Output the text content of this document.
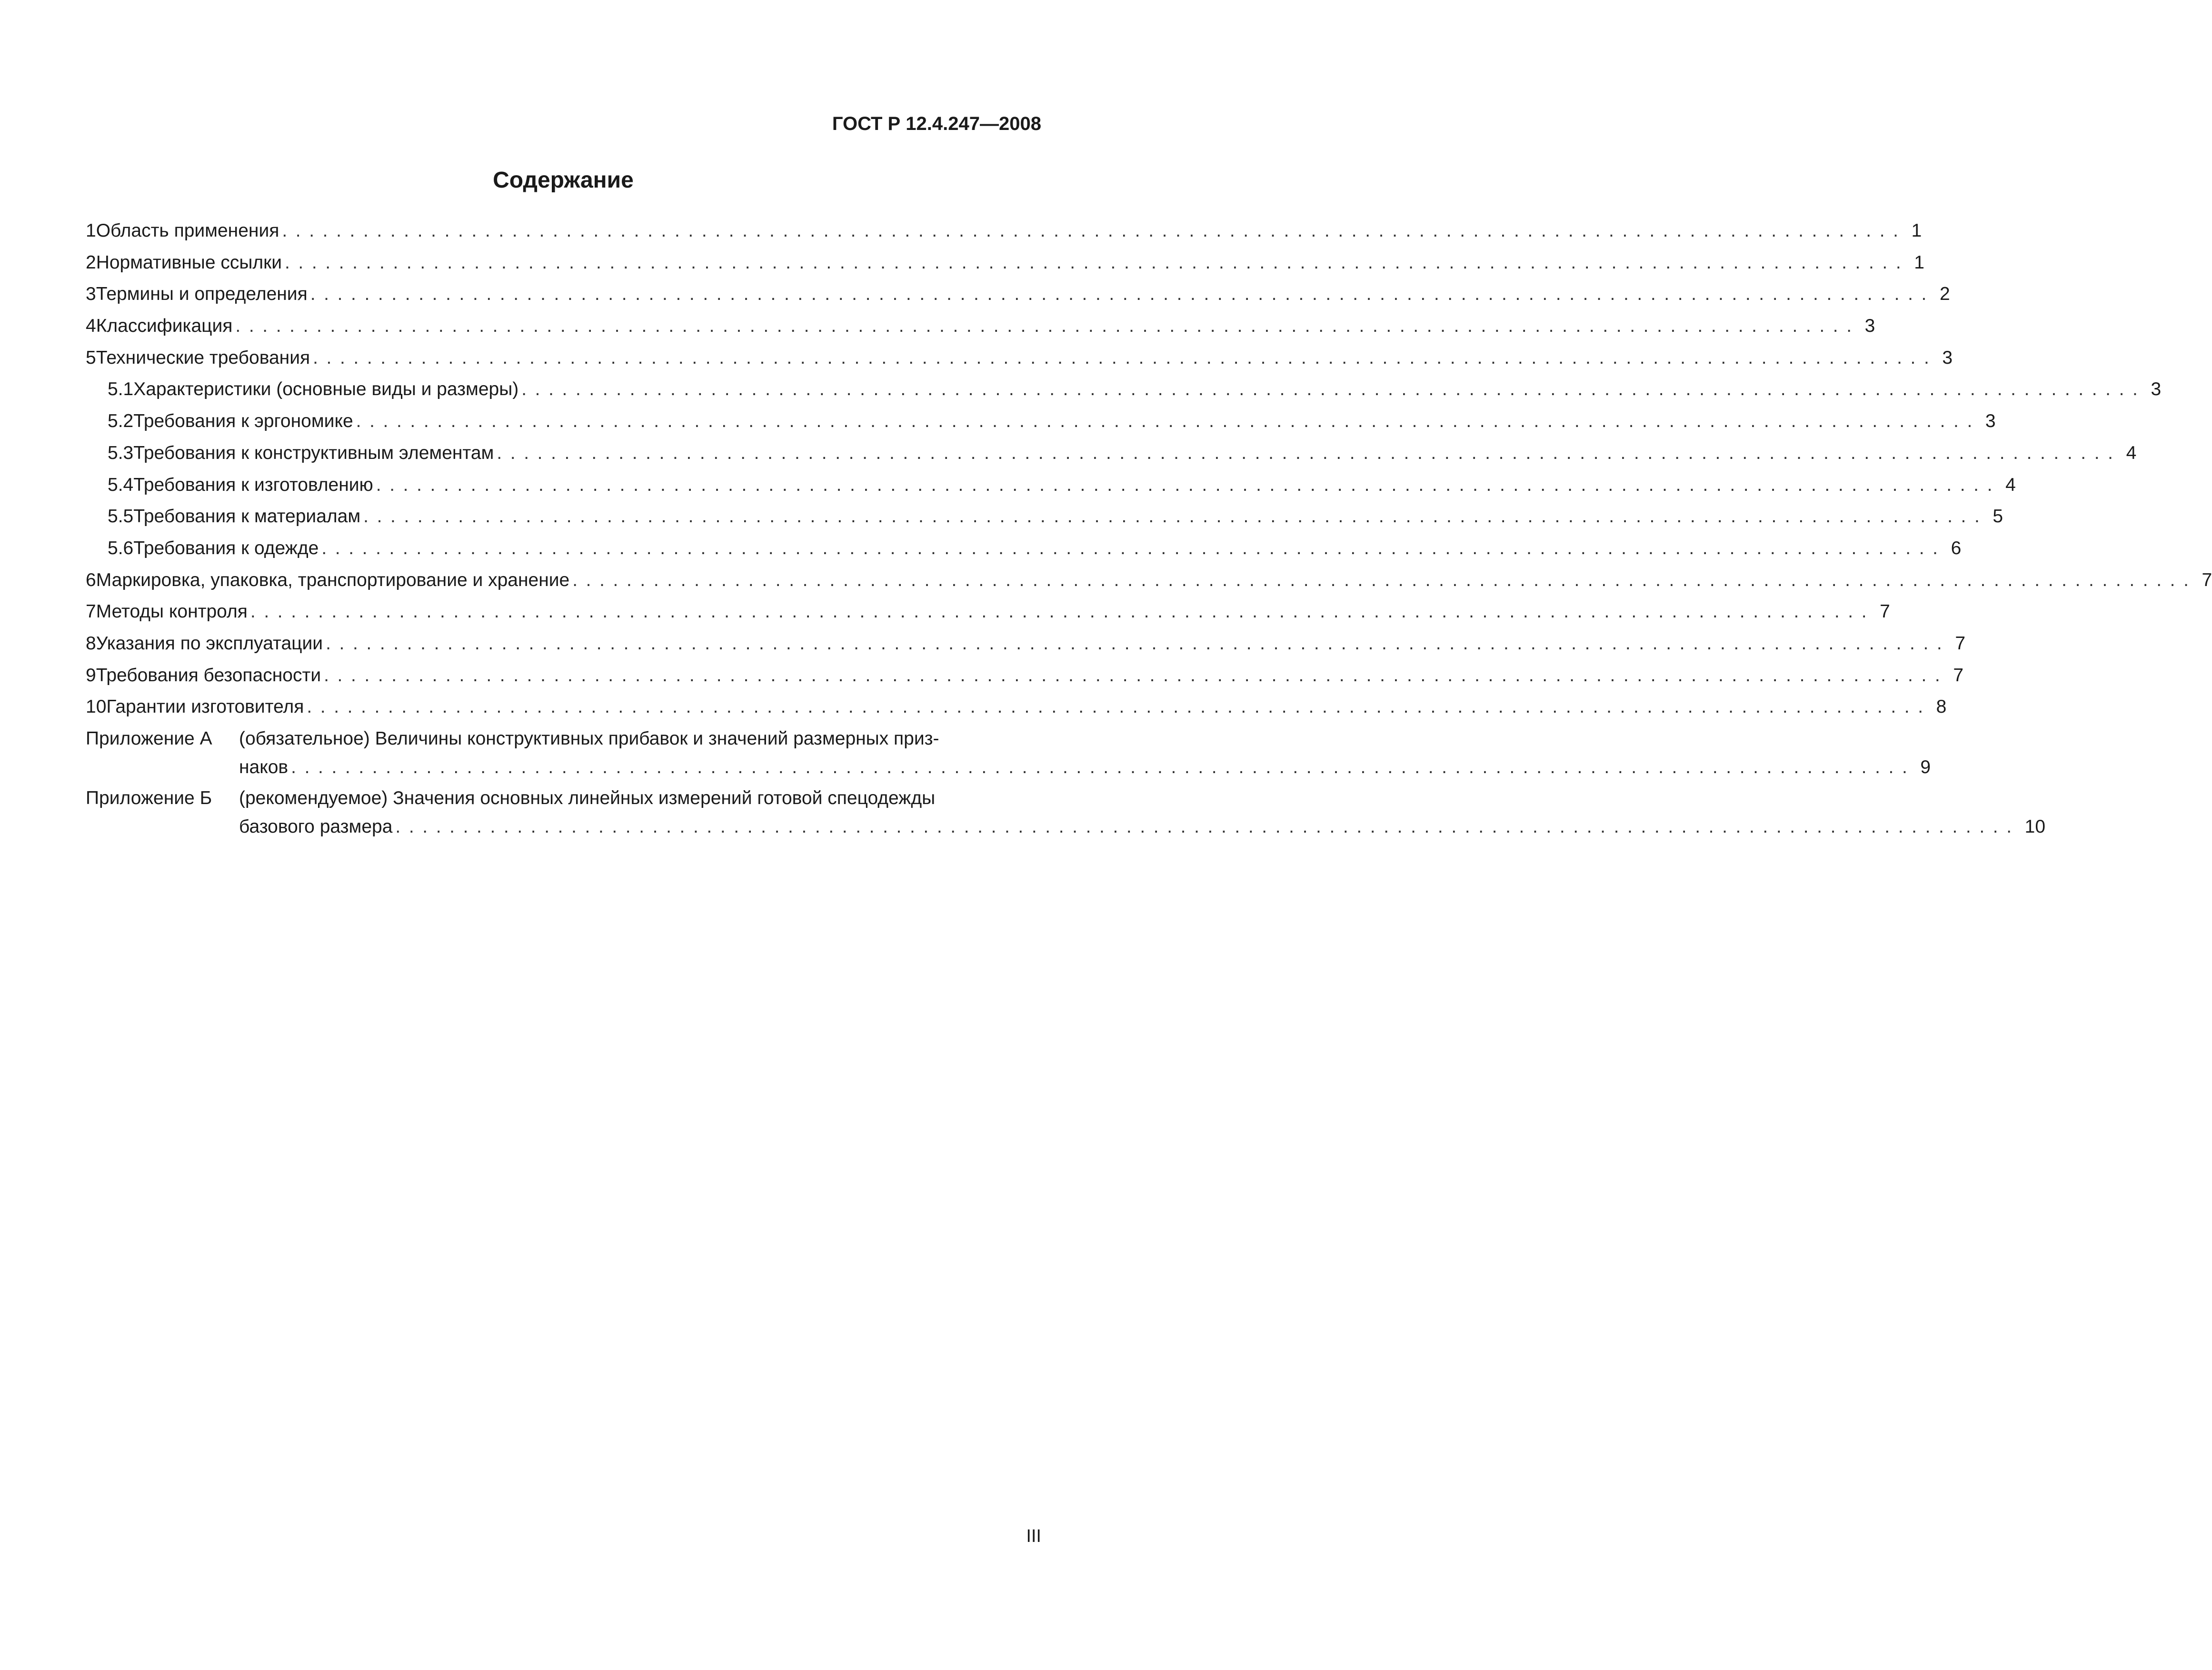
ГОСТ Р 12.4.247—2008
Содержание
1 Область применения ........................................................................................................................ 1
2 Нормативные ссылки ........................................................................................................................ 1
3 Термины и определения ........................................................................................................................ 2
4 Классификация ........................................................................................................................ 3
5 Технические требования ........................................................................................................................ 3
5.1 Характеристики (основные виды и размеры) ........................................................................................................................ 3
5.2 Требования к эргономике ........................................................................................................................ 3
5.3 Требования к конструктивным элементам ........................................................................................................................ 4
5.4 Требования к изготовлению ........................................................................................................................ 4
5.5 Требования к материалам ........................................................................................................................ 5
5.6 Требования к одежде ........................................................................................................................ 6
6 Маркировка, упаковка, транспортирование и хранение ........................................................................................................................ 7
7 Методы контроля ........................................................................................................................ 7
8 Указания по эксплуатации ........................................................................................................................ 7
9 Требования безопасности ........................................................................................................................ 7
10 Гарантии изготовителя ........................................................................................................................ 8
Приложение А (обязательное) Величины конструктивных прибавок и значений размерных приз-
наков ........................................................................................................................ 9
Приложение Б (рекомендуемое) Значения основных линейных измерений готовой спецодежды
базового размера ........................................................................................................................ 10
III
